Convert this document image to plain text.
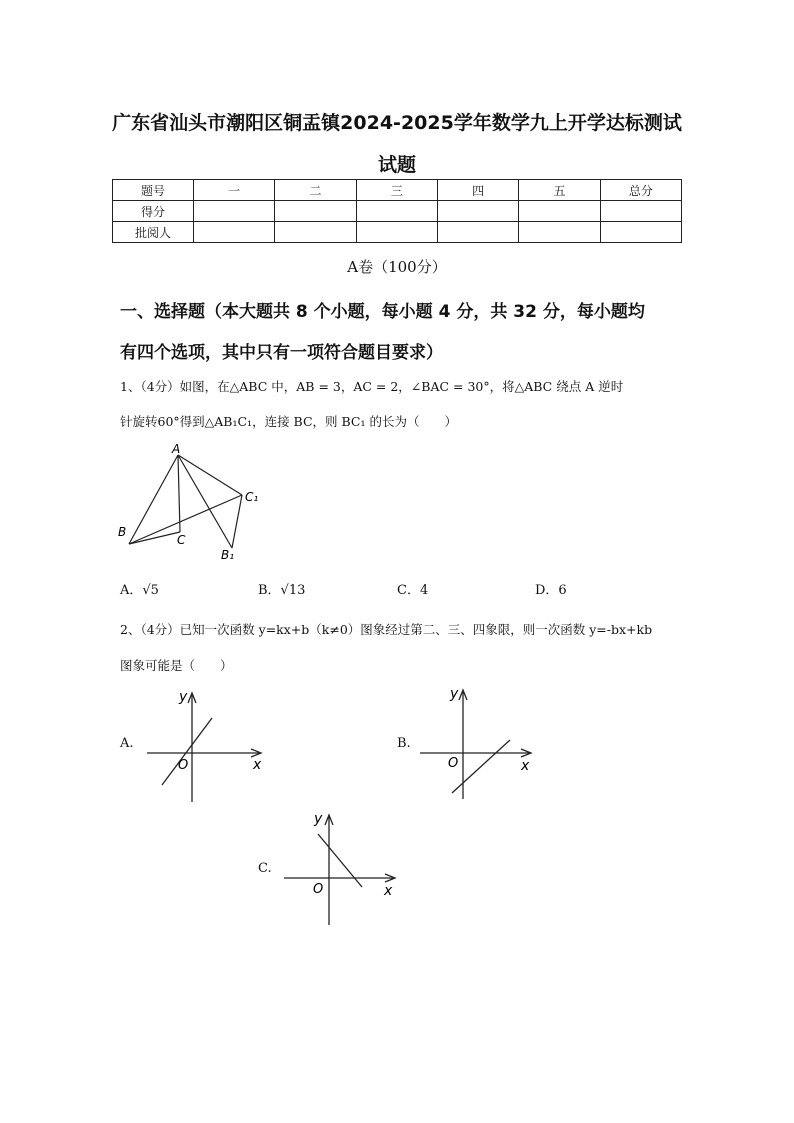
广东省汕头市潮阳区铜盂镇2024-2025学年数学九上开学达标测试
试题
题号	一	二	三	四	五	总分
得分						
批阅人						
A卷（100分）
一、选择题（本大题共 8 个小题，每小题 4 分，共 32 分，每小题均
有四个选项，其中只有一项符合题目要求）
1、（4分）如图，在△ABC 中，AB = 3，AC = 2，∠BAC = 30°，将△ABC 绕点 A 逆时
针旋转60°得到△AB₁C₁，连接 BC，则 BC₁ 的长为（　　）
A
B
C
B₁
C₁
A．√5	B．√13	C．4	D．6
2、（4分）已知一次函数 y=kx+b（k≠0）图象经过第二、三、四象限，则一次函数 y=-bx+kb
图象可能是（　　）
A.
y
x
O
B.
y
x
O
C.
y
x
O
